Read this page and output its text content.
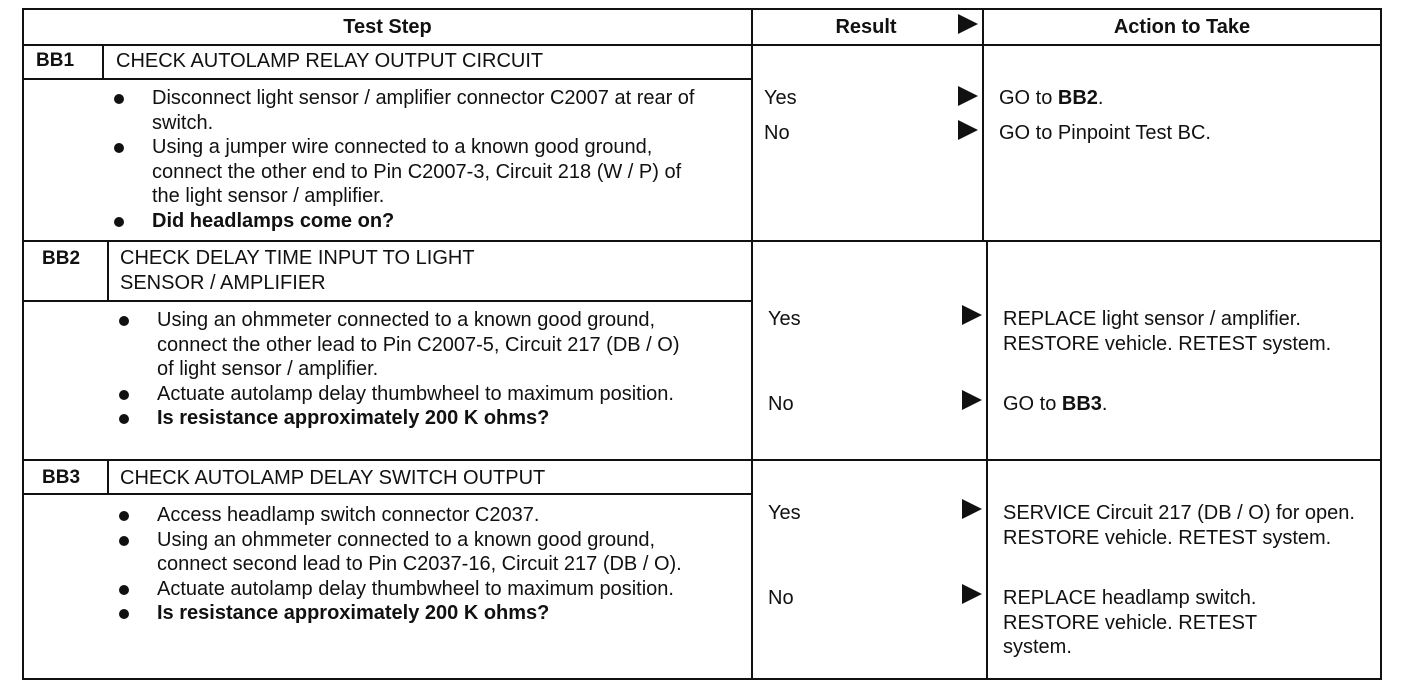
Test Step	Result	Action to Take
BB1 CHECK AUTOLAMP RELAY OUTPUT CIRCUIT
Disconnect light sensor / amplifier connector C2007 at rear of switch.
Using a jumper wire connected to a known good ground, connect the other end to Pin C2007-3, Circuit 218 (W / P) of the light sensor / amplifier.
Did headlamps come on?
Yes	GO to BB2.
No	GO to Pinpoint Test BC.
BB2 CHECK DELAY TIME INPUT TO LIGHT SENSOR / AMPLIFIER
Using an ohmmeter connected to a known good ground, connect the other lead to Pin C2007-5, Circuit 217 (DB / O) of light sensor / amplifier.
Actuate autolamp delay thumbwheel to maximum position.
Is resistance approximately 200 K ohms?
Yes	REPLACE light sensor / amplifier. RESTORE vehicle. RETEST system.
No	GO to BB3.
BB3 CHECK AUTOLAMP DELAY SWITCH OUTPUT
Access headlamp switch connector C2037.
Using an ohmmeter connected to a known good ground, connect second lead to Pin C2037-16, Circuit 217 (DB / O).
Actuate autolamp delay thumbwheel to maximum position.
Is resistance approximately 200 K ohms?
Yes	SERVICE Circuit 217 (DB / O) for open. RESTORE vehicle. RETEST system.
No	REPLACE headlamp switch. RESTORE vehicle. RETEST system.
